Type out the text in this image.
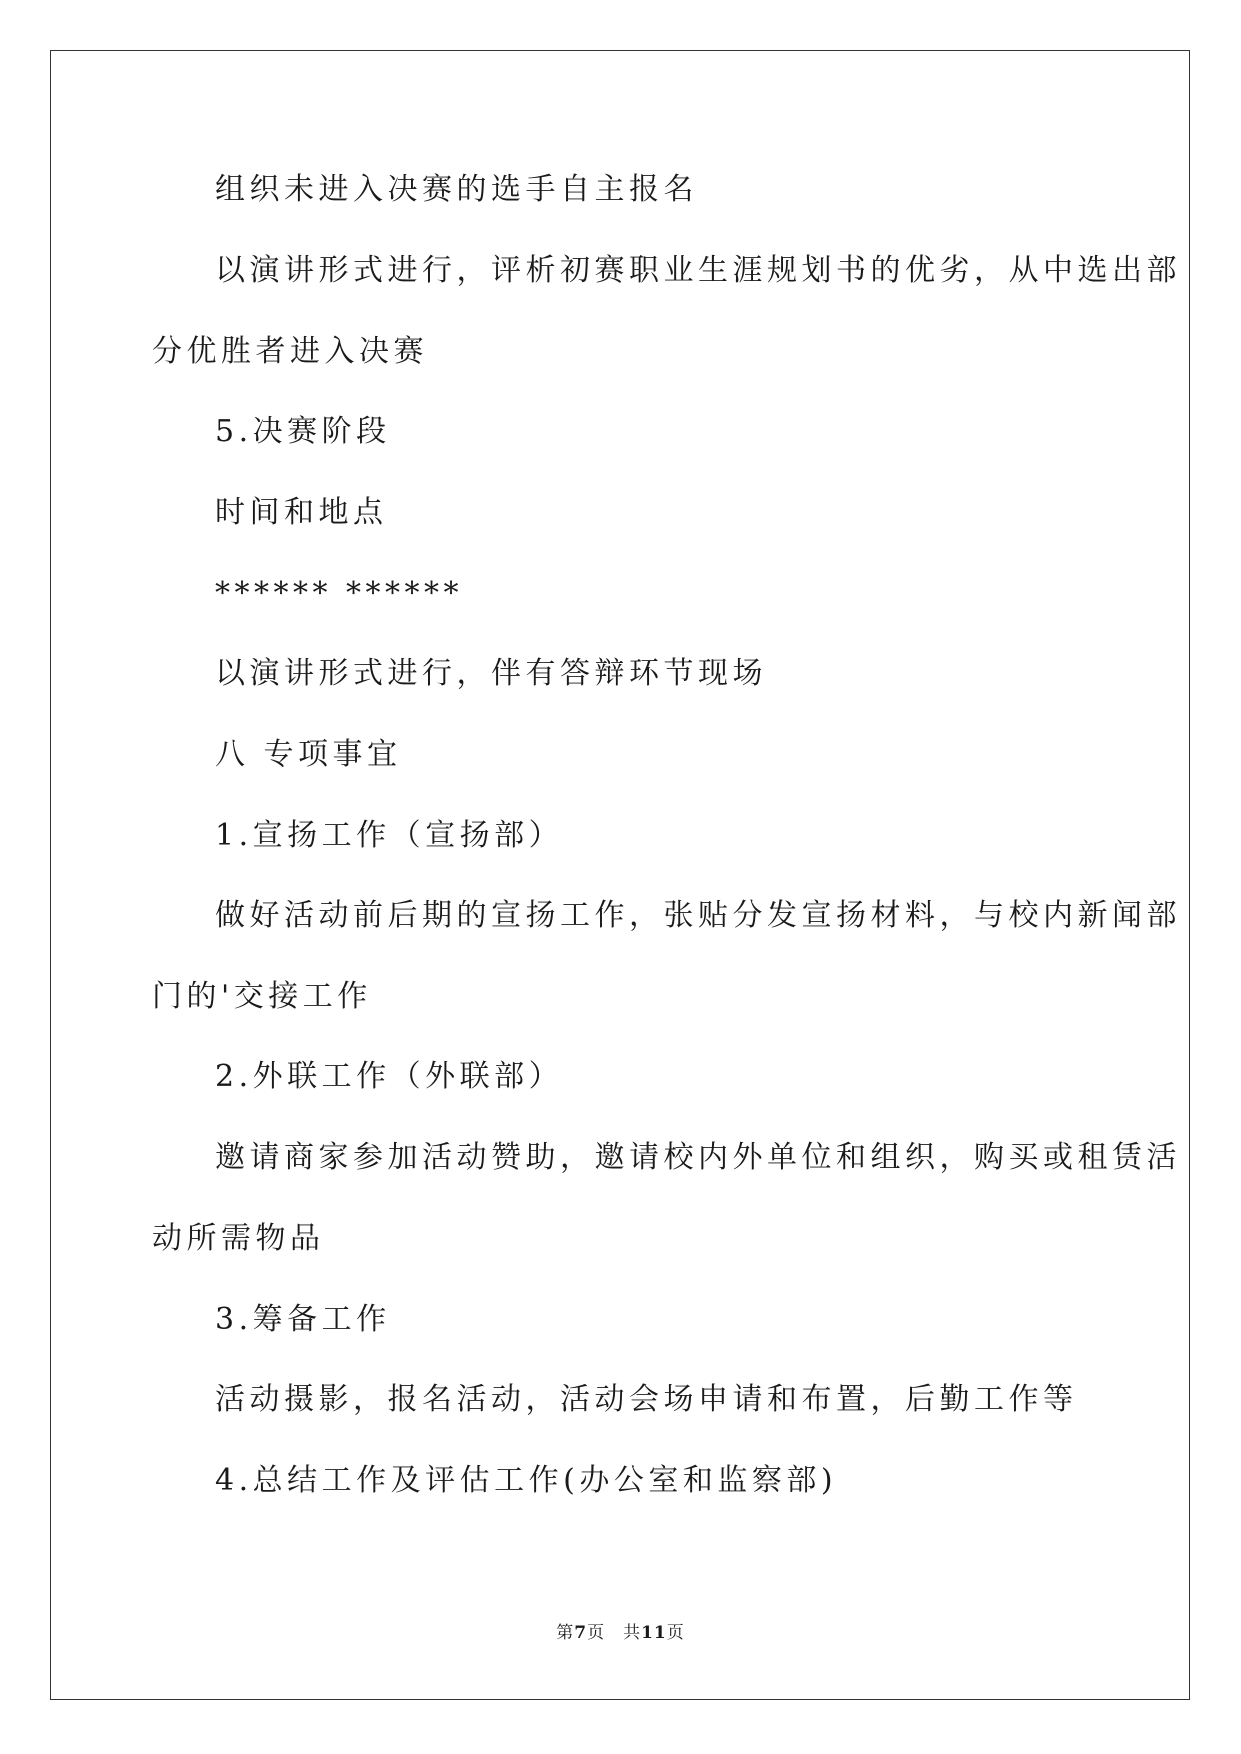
组织未进入决赛的选手自主报名
以演讲形式进行，评析初赛职业生涯规划书的优劣，从中选出部
分优胜者进入决赛
5.决赛阶段
时间和地点
****** ******
以演讲形式进行，伴有答辩环节现场
八 专项事宜
1.宣扬工作（宣扬部）
做好活动前后期的宣扬工作，张贴分发宣扬材料，与校内新闻部
门的'交接工作
2.外联工作（外联部）
邀请商家参加活动赞助，邀请校内外单位和组织，购买或租赁活
动所需物品
3.筹备工作
活动摄影，报名活动，活动会场申请和布置，后勤工作等
4.总结工作及评估工作(办公室和监察部)
第7页　共11页
